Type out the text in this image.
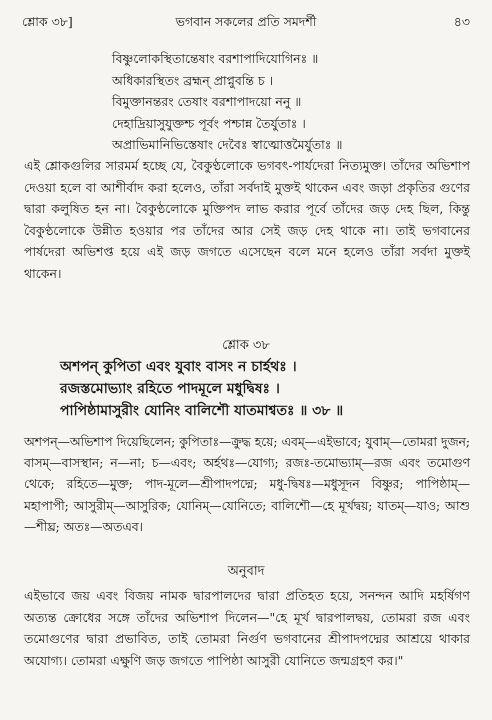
শ্লোক ৩৮]	ভগবান সকলের প্রতি সমদর্শী	৪৩
বিষ্ণুলোকস্থিতান্তেষাং বরশাপাদিযোগিনঃ ॥
অধিকারস্থিতং ব্রহ্মন্‌ প্রাপ্নুবন্তি চ ।
বিমুক্তানন্তরং তেষাং বরশাপাদয়ো ননু ॥
দেহাদ্রিয়াসুযুক্তশ্চ পূর্বং পশ্চান্ন তৈর্যুতাঃ ।
অপ্রাভিমানিভিস্তেষাং দেবৈঃ স্বাত্মোত্তমৈর্যুতাঃ ॥

এই শ্লোকগুলির সারমর্ম হচ্ছে যে, বৈকুণ্ঠলোকে ভগবৎ-পার্যদেরা নিত্যমুক্ত। তাঁদের অভিশাপ দেওয়া হলে বা আশীর্বাদ করা হলেও, তাঁরা সর্বদাই মুক্তই থাকেন এবং জড়া প্রকৃতির গুণের দ্বারা কলুষিত হন না। বৈকুণ্ঠলোকে মুক্তিপদ লাভ করার পূর্বে তাঁদের জড় দেহ ছিল, কিন্তু বৈকুণ্ঠলোকে উন্নীত হওয়ার পর তাঁদের আর সেই জড় দেহ থাকে না। তাই ভগবানের পার্ষদেরা অভিশপ্ত হয়ে এই জড় জগতে এসেছেন বলে মনে হলেও তাঁরা সর্বদা মুক্তই থাকেন।

শ্লোক ৩৮
অশপন্‌ কুপিতা এবং যুবাং বাসং ন চার্হথঃ ।
রজস্তমোভ্যাং রহিতে পাদমূলে মধুদ্বিষঃ ।
পাপিষ্ঠামাসুরীং যোনিং বালিশৌ যাতমাশ্বতঃ ॥ ৩৮ ॥

অশপন্‌—অভিশাপ দিয়েছিলেন; কুপিতাঃ—ক্রুদ্ধ হয়ে; এবম্‌—এইভাবে; যুবাম্‌—তোমরা দুজন; বাসম্‌—বাসস্থান; ন—না; চ—এবং; অর্হথঃ—যোগ্য; রজঃ-তমোভ্যাম্‌—রজ এবং তমোগুণ থেকে; রহিতে—মুক্ত; পাদ-মূলে—শ্রীপাদপদ্মে; মধু-দ্বিষঃ—মধুসূদন বিষ্ণুর; পাপিষ্ঠাম্‌—মহাপাপী; আসুরীম্‌—আসুরিক; যোনিম্‌—যোনিতে; বালিশৌ—হে মূর্খদ্বয়; যাতম্‌—যাও; আশু—শীঘ্র; অতঃ—অতএব।

অনুবাদ

এইভাবে জয় এবং বিজয় নামক দ্বারপালদের দ্বারা প্রতিহত হয়ে, সনন্দন আদি মহর্ষিগণ অত্যন্ত ক্রোধের সঙ্গে তাঁদের অভিশাপ দিলেন—"হে মূর্খ দ্বারপালদ্বয়, তোমরা রজ এবং তমোগুণের দ্বারা প্রভাবিত, তাই তোমরা নির্গুণ ভগবানের শ্রীপাদপদ্মের আশ্রয়ে থাকার অযোগ্য। তোমরা এক্ষুণি জড় জগতে পাপিষ্ঠা আসুরী যোনিতে জন্মগ্রহণ কর।"
